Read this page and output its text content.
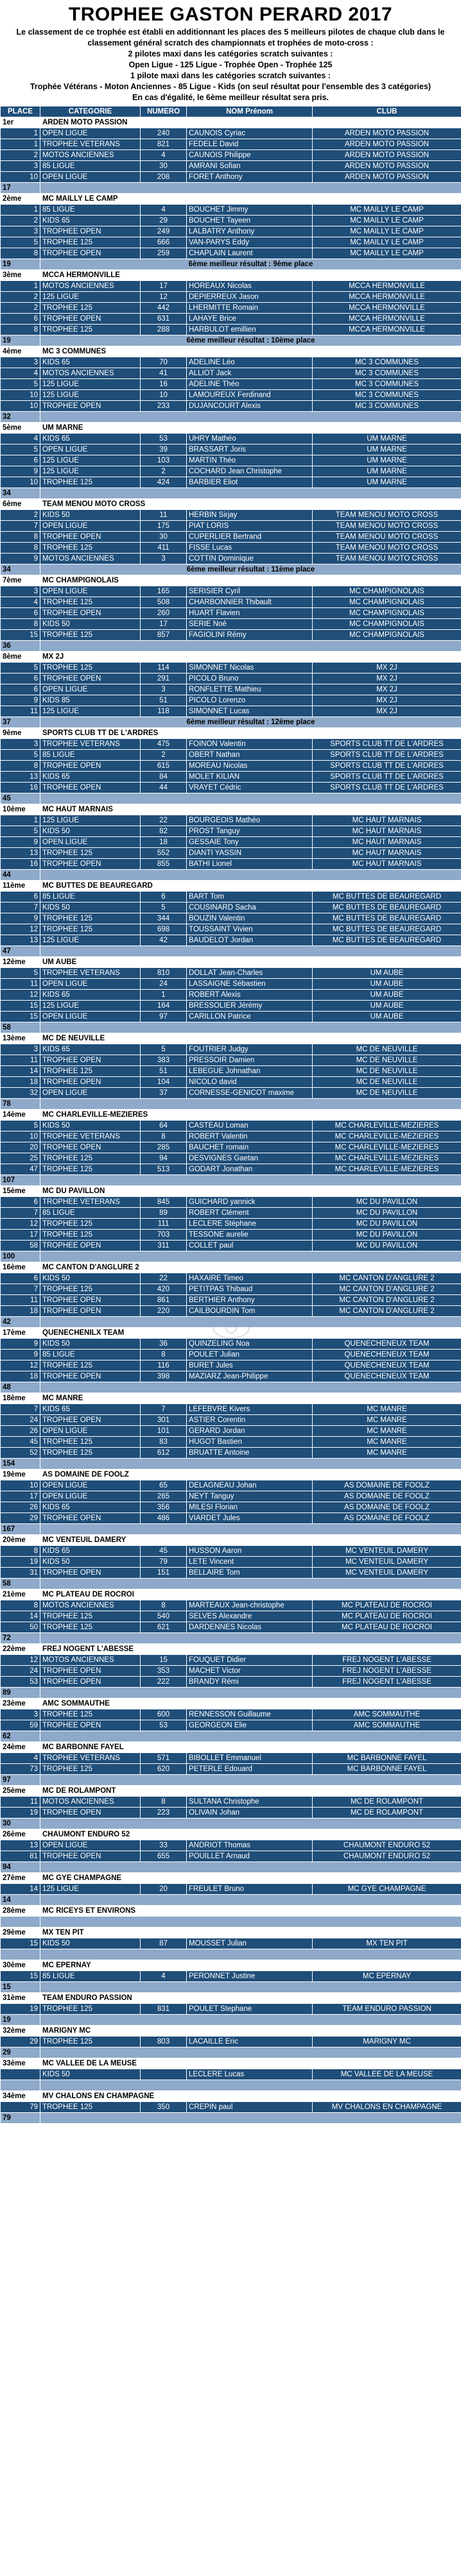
TROPHEE GASTON PERARD 2017

Le classement de ce trophée est établi en additionnant les places des 5 meilleurs pilotes de chaque club dans le classement général scratch des championnats et trophées de moto-cross :

2 pilotes maxi dans les catégories scratch suivantes :

Open Ligue - 125 Ligue - Trophée Open - Trophée 125

1 pilote maxi dans les catégories scratch suivantes :

Trophée Vétérans - Moton Anciennes - 85 Ligue - Kids (on seul résultat pour l'ensemble des 3 catégories)

En cas d'égalité, le 6ème meilleur résultat sera pris.

PLACE	CATEGORIE	NUMERO	NOM Prénom	CLUB
1er	ARDEN MOTO PASSION			
1	OPEN LIGUE	240	CAUNOIS Cyriac	ARDEN MOTO PASSION
1	TROPHEE VETERANS	821	FEDELE David	ARDEN MOTO PASSION
2	MOTOS ANCIENNES	4	CAUNOIS Philippe	ARDEN MOTO PASSION
3	85 LIGUE	30	AMRANI Sofian	ARDEN MOTO PASSION
10	OPEN LIGUE	208	FORET Anthony	ARDEN MOTO PASSION
17				
2ème	MC MAILLY LE CAMP			
1	85 LIGUE	4	BOUCHET Jimmy	MC MAILLY LE CAMP
2	KIDS 65	29	BOUCHET Tayeen	MC MAILLY LE CAMP
3	TROPHEE OPEN	249	LALBATRY Anthony	MC MAILLY LE CAMP
5	TROPHEE 125	666	VAN-PARYS Eddy	MC MAILLY LE CAMP
8	TROPHEE OPEN	259	CHAPLAIN Laurent	MC MAILLY LE CAMP
19	6ème meilleur résultat : 9ème place			
3ème	MCCA HERMONVILLE			
1	MOTOS ANCIENNES	17	HOREAUX Nicolas	MCCA HERMONVILLE
2	125 LIGUE	12	DEPIERREUX Jason	MCCA HERMONVILLE
2	TROPHEE 125	442	LHERMITTE Romain	MCCA HERMONVILLE
6	TROPHEE OPEN	631	LAHAYE Brice	MCCA HERMONVILLE
8	TROPHEE 125	288	HARBULOT emillien	MCCA HERMONVILLE
19	6ème meilleur résultat : 10ème place			
4ème	MC 3 COMMUNES			
3	KIDS 65	70	ADELINE Léo	MC 3 COMMUNES
4	MOTOS ANCIENNES	41	ALLIOT Jack	MC 3 COMMUNES
5	125 LIGUE	16	ADELINE Théo	MC 3 COMMUNES
10	125 LIGUE	10	LAMOUREUX Ferdinand	MC 3 COMMUNES
10	TROPHEE OPEN	233	DUJANCOURT Alexis	MC 3 COMMUNES
32				
5ème	UM MARNE			
4	KIDS 65	53	UHRY Mathéo	UM MARNE
5	OPEN LIGUE	39	BRASSART Joris	UM MARNE
6	125 LIGUE	103	MARTIN Théo	UM MARNE
9	125 LIGUE	2	COCHARD Jean Christophe	UM MARNE
10	TROPHEE 125	424	BARBIER Eliot	UM MARNE
34				
6ème	TEAM MENOU MOTO CROSS			
2	KIDS 50	11	HERBIN Sirjay	TEAM MENOU MOTO CROSS
7	OPEN LIGUE	175	PIAT LORIS	TEAM MENOU MOTO CROSS
8	TROPHEE OPEN	30	CUPERLIER Bertrand	TEAM MENOU MOTO CROSS
8	TROPHEE 125	411	FISSE Lucas	TEAM MENOU MOTO CROSS
9	MOTOS ANCIENNES	3	COTTIN Dominique	TEAM MENOU MOTO CROSS
34	6ème meilleur résultat : 11ème place			
7ème	MC CHAMPIGNOLAIS			
3	OPEN LIGUE	165	SERISIER Cyril	MC CHAMPIGNOLAIS
4	TROPHEE 125	508	CHARBONNIER Thibault	MC CHAMPIGNOLAIS
6	TROPHEE OPEN	260	HUART Flavien	MC CHAMPIGNOLAIS
8	KIDS 50	17	SERIE Noé	MC CHAMPIGNOLAIS
15	TROPHEE 125	857	FAGIOLINI Rémy	MC CHAMPIGNOLAIS
36				
8ème	MX 2J			
5	TROPHEE 125	114	SIMONNET Nicolas	MX 2J
6	TROPHEE OPEN	291	PICOLO Bruno	MX 2J
6	OPEN LIGUE	3	RONFLETTE Mathieu	MX 2J
9	KIDS 85	51	PICOLO Lorenzo	MX 2J
11	125 LIGUE	118	SIMONNET Lucas	MX 2J
37	6ème meilleur résultat : 12ème place			
9ème	SPORTS CLUB TT DE L'ARDRES			
3	TROPHEE VETERANS	475	FOINON Valentin	SPORTS CLUB TT DE L'ARDRES
5	85 LIGUE	2	OBERT Nathan	SPORTS CLUB TT DE L'ARDRES
8	TROPHEE OPEN	615	MOREAU Nicolas	SPORTS CLUB TT DE L'ARDRES
13	KIDS 65	84	MOLET KILIAN	SPORTS CLUB TT DE L'ARDRES
16	TROPHEE OPEN	44	VRAYET Cédric	SPORTS CLUB TT DE L'ARDRES
45				
10ème	MC HAUT MARNAIS			
1	125 LIGUE	22	BOURGEOIS Mathéo	MC HAUT MARNAIS
5	KIDS 50	82	PROST Tanguy	MC HAUT MARNAIS
9	OPEN LIGUE	18	GESSAIE Tony	MC HAUT MARNAIS
13	TROPHEE 125	552	DIANTI YASSIN	MC HAUT MARNAIS
16	TROPHEE OPEN	855	BATHI Lionel	MC HAUT MARNAIS
44				
11ème	MC BUTTES DE BEAUREGARD			
6	85 LIGUE	6	BART Tom	MC BUTTES DE BEAUREGARD
7	KIDS 50	5	COUSINARD Sacha	MC BUTTES DE BEAUREGARD
9	TROPHEE 125	344	BOUZIN Valentin	MC BUTTES DE BEAUREGARD
12	TROPHEE 125	698	TOUSSAINT Vivien	MC BUTTES DE BEAUREGARD
13	125 LIGUE	42	BAUDELOT Jordan	MC BUTTES DE BEAUREGARD
47				
12ème	UM AUBE			
5	TROPHEE VETERANS	810	DOLLAT Jean-Charles	UM AUBE
11	OPEN LIGUE	24	LASSAIGNE Sébastien	UM AUBE
12	KIDS 65	1	ROBERT Alexis	UM AUBE
15	125 LIGUE	164	BRESSOLIER Jérémy	UM AUBE
15	OPEN LIGUE	97	CARILLON Patrice	UM AUBE
58				
13ème	MC DE NEUVILLE			
3	KIDS 65	5	FOUTRIER Judgy	MC DE NEUVILLE
11	TROPHEE OPEN	383	PRESSOIR Damien	MC DE NEUVILLE
14	TROPHEE 125	51	LEBEGUE Johnathan	MC DE NEUVILLE
18	TROPHEE OPEN	104	NICOLO david	MC DE NEUVILLE
32	OPEN LIGUE	37	CORNESSE-GENICOT maxime	MC DE NEUVILLE
78				
14ème	MC CHARLEVILLE-MEZIERES			
5	KIDS 50	64	CASTEAU Loman	MC CHARLEVILLE-MEZIERES
10	TROPHEE VETERANS	8	ROBERT Valentin	MC CHARLEVILLE-MEZIERES
20	TROPHEE OPEN	285	BAUCHET romain	MC CHARLEVILLE-MEZIERES
25	TROPHEE 125	94	DESVIGNES Gaetan	MC CHARLEVILLE-MEZIERES
47	TROPHEE 125	513	GODART Jonathan	MC CHARLEVILLE-MEZIERES
107				
15ème	MC DU PAVILLON			
6	TROPHEE VETERANS	845	GUICHARD yannick	MC DU PAVILLON
7	85 LIGUE	89	ROBERT Clément	MC DU PAVILLON
12	TROPHEE 125	111	LECLERE Stéphane	MC DU PAVILLON
17	TROPHEE 125	703	TESSONE aurelie	MC DU PAVILLON
58	TROPHEE OPEN	311	COLLET paul	MC DU PAVILLON
100				
16ème	MC CANTON D'ANGLURE 2			
6	KIDS 50	22	HAXAIRE Timeo	MC CANTON D'ANGLURE 2
7	TROPHEE 125	420	PETITPAS Thibaud	MC CANTON D'ANGLURE 2
11	TROPHEE OPEN	861	BERTHIER Anthony	MC CANTON D'ANGLURE 2
18	TROPHEE OPEN	220	CAILBOURDIN Tom	MC CANTON D'ANGLURE 2
42				
17ème	QUENECHENILX TEAM			
9	KIDS 50	36	QUINZELING Noa	QUENECHENEUX TEAM
9	85 LIGUE	8	POULET Julian	QUENECHENEUX TEAM
12	TROPHEE 125	116	BURET Jules	QUENECHENEUX TEAM
18	TROPHEE OPEN	398	MAZIARZ Jean-Philippe	QUENECHENEUX TEAM
48				
18ème	MC MANRE			
7	KIDS 65	7	LEFEBVRE Kivers	MC MANRE
24	TROPHEE OPEN	301	ASTIER Corentin	MC MANRE
26	OPEN LIGUE	101	GERARD Jordan	MC MANRE
45	TROPHEE 125	83	HUGOT Bastien	MC MANRE
52	TROPHEE 125	612	BRUATTE Antoine	MC MANRE
154				
19ème	AS DOMAINE DE FOOLZ			
10	OPEN LIGUE	65	DELAGNEAU Johan	AS DOMAINE DE FOOLZ
17	OPEN LIGUE	265	NEYT Tanguy	AS DOMAINE DE FOOLZ
26	KIDS 65	356	MILESI Florian	AS DOMAINE DE FOOLZ
29	TROPHEE OPEN	486	VIARDET Jules	AS DOMAINE DE FOOLZ
167				
20ème	MC VENTEUIL DAMERY			
8	KIDS 65	45	HUSSON Aaron	MC VENTEUIL DAMERY
19	KIDS 50	79	LETE Vincent	MC VENTEUIL DAMERY
31	TROPHEE OPEN	151	BELLAIRE Tom	MC VENTEUIL DAMERY
58				
21ème	MC PLATEAU DE ROCROI			
8	MOTOS ANCIENNES	8	MARTEAUX Jean-christophe	MC PLATEAU DE ROCROI
14	TROPHEE 125	540	SELVES Alexandre	MC PLATEAU DE ROCROI
50	TROPHEE 125	621	DARDENNES Nicolas	MC PLATEAU DE ROCROI
72				
22ème	FREJ NOGENT L'ABESSE			
12	MOTOS ANCIENNES	15	FOUQUET Didier	FREJ NOGENT L'ABESSE
24	TROPHEE OPEN	353	MACHET Victor	FREJ NOGENT L'ABESSE
53	TROPHEE OPEN	222	BRANDY Rémi	FREJ NOGENT L'ABESSE
89				
23ème	AMC SOMMAUTHE			
3	TROPHEE 125	600	RENNESSON Guillaume	AMC SOMMAUTHE
59	TROPHEE OPEN	53	GEORGEON Elie	AMC SOMMAUTHE
62				
24ème	MC BARBONNE FAYEL			
4	TROPHEE VETERANS	571	BIBOLLET Emmanuel	MC BARBONNE FAYEL
73	TROPHEE 125	620	PETERLE Edouard	MC BARBONNE FAYEL
97				
25ème	MC DE ROLAMPONT			
11	MOTOS ANCIENNES	8	SULTANA Christophe	MC DE ROLAMPONT
19	TROPHEE OPEN	223	OLIVAIN Johan	MC DE ROLAMPONT
30				
26ème	CHAUMONT ENDURO 52			
13	OPEN LIGUE	33	ANDRIOT Thomas	CHAUMONT ENDURO 52
81	TROPHEE OPEN	655	POUILLET Arnaud	CHAUMONT ENDURO 52
94				
27ème	MC GYE CHAMPAGNE			
14	125 LIGUE	20	FREULET Bruno	MC GYE CHAMPAGNE
14				
28ème	MC RICEYS ET ENVIRONS			

29ème	MX TEN PIT			
15	KIDS 50	87	MOUSSET Julian	MX TEN PIT

30ème	MC EPERNAY			
15	85 LIGUE	4	PERONNET Justine	MC EPERNAY
15				
31ème	TEAM ENDURO PASSION			
19	TROPHEE 125	831	POULET Stephane	TEAM ENDURO PASSION
19				
32ème	MARIGNY MC			
29	TROPHEE 125	803	LACAILLE Eric	MARIGNY MC
29				
33ème	MC VALLEE DE LA MEUSE			
	KIDS 50		LECLERE Lucas	MC VALLEE DE LA MEUSE

34ème	MV CHALONS EN CHAMPAGNE			
79	TROPHEE 125	350	CREPIN paul	MV CHALONS EN CHAMPAGNE
79				
